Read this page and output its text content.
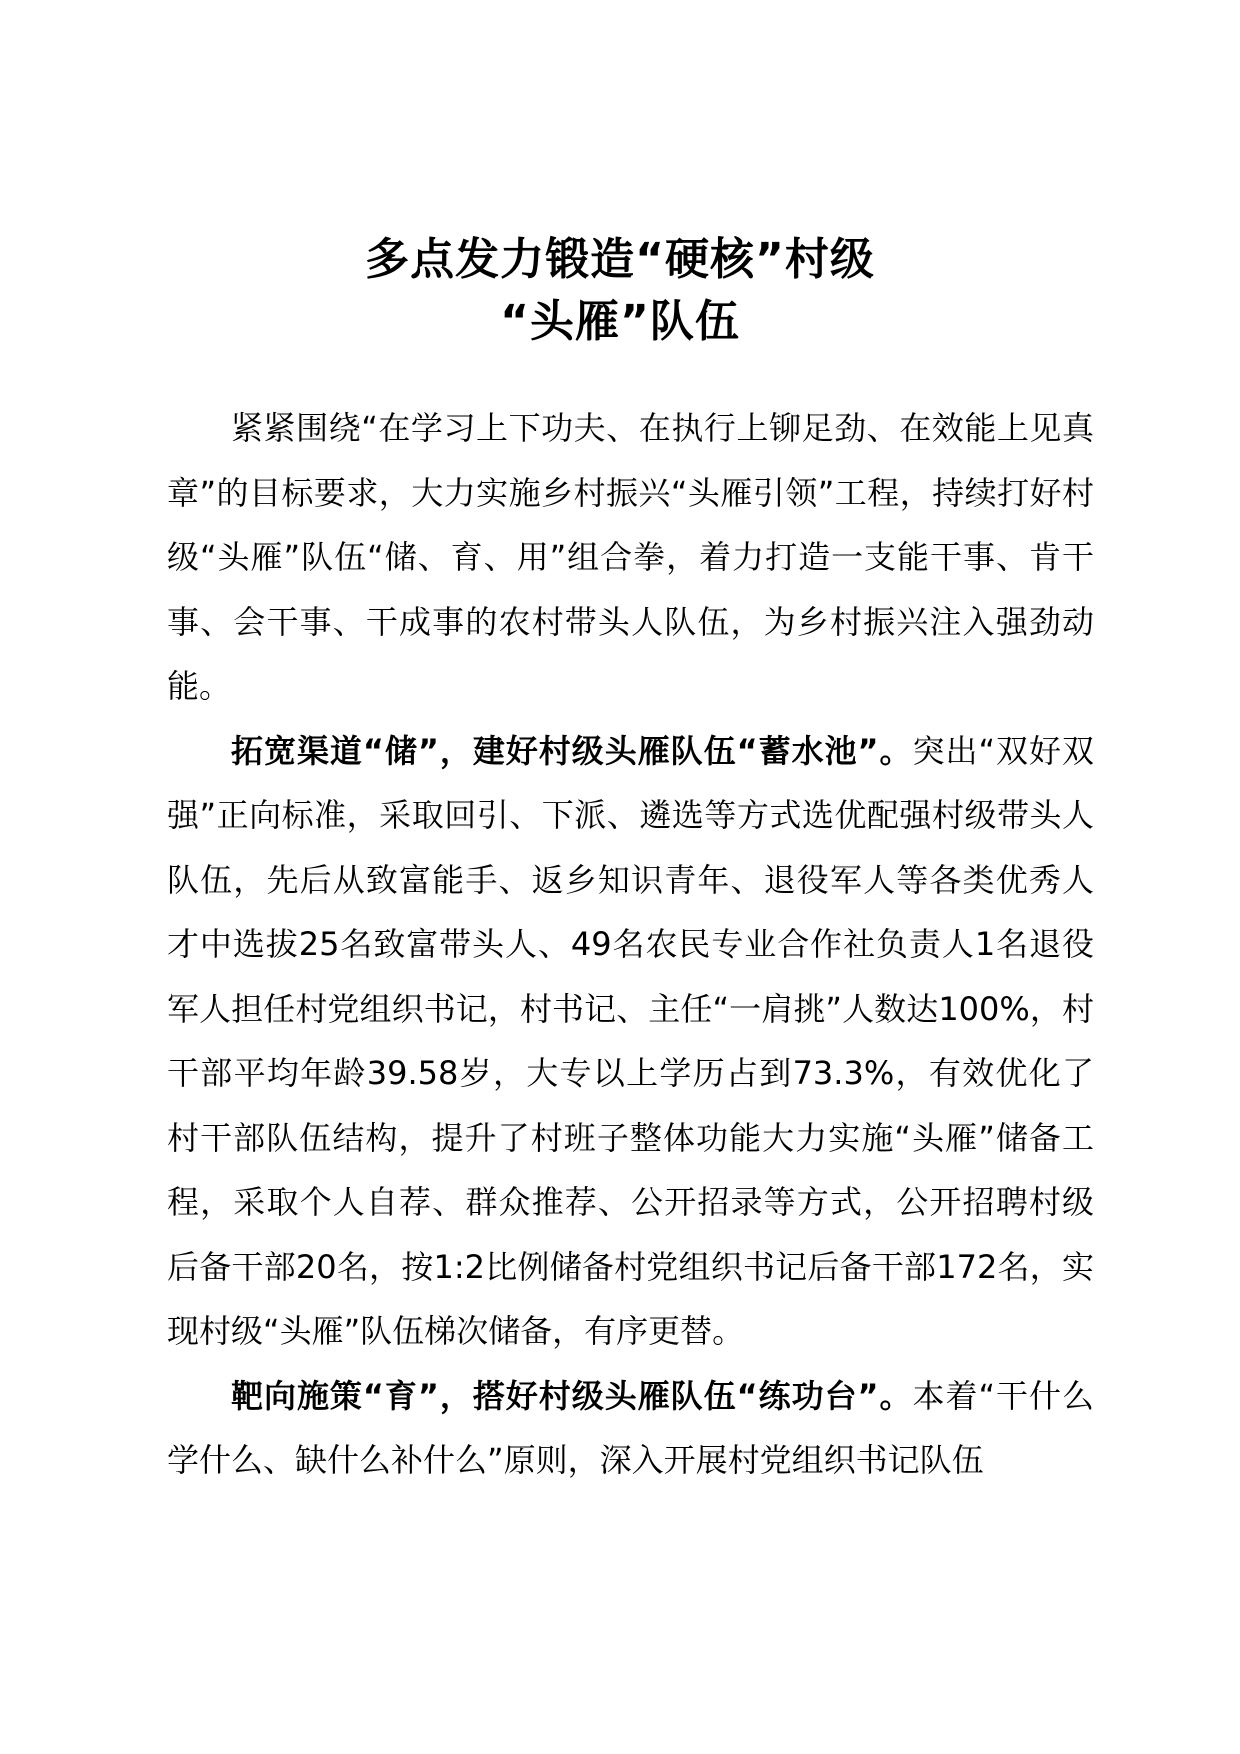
多点发力锻造“硬核”村级
“头雁”队伍

紧紧围绕“在学习上下功夫、在执行上铆足劲、在效能上见真章”的目标要求，大力实施乡村振兴“头雁引领”工程，持续打好村级“头雁”队伍“储、育、用”组合拳，着力打造一支能干事、肯干事、会干事、干成事的农村带头人队伍，为乡村振兴注入强劲动能。

拓宽渠道“储”，建好村级头雁队伍“蓄水池”。突出“双好双强”正向标准，采取回引、下派、遴选等方式选优配强村级带头人队伍，先后从致富能手、返乡知识青年、退役军人等各类优秀人才中选拔25名致富带头人、49名农民专业合作社负责人1名退役军人担任村党组织书记，村书记、主任“一肩挑”人数达100%，村干部平均年龄39.58岁，大专以上学历占到73.3%，有效优化了村干部队伍结构，提升了村班子整体功能大力实施“头雁”储备工程，采取个人自荐、群众推荐、公开招录等方式，公开招聘村级后备干部20名，按1:2比例储备村党组织书记后备干部172名，实现村级“头雁”队伍梯次储备，有序更替。

靶向施策“育”，搭好村级头雁队伍“练功台”。本着“干什么学什么、缺什么补什么”原则，深入开展村党组织书记队伍
